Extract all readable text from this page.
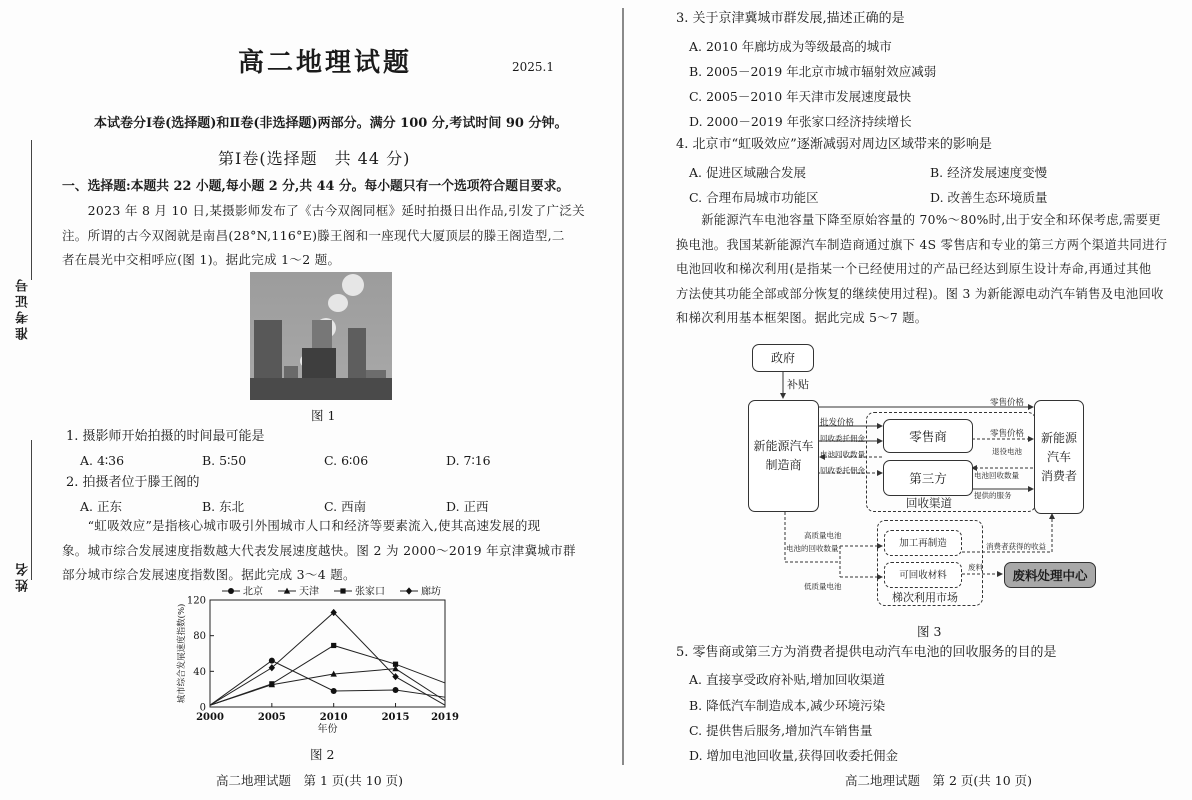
准考证号
姓名
高二地理试题	2025.1
本试卷分Ⅰ卷(选择题)和Ⅱ卷(非选择题)两部分。满分 100 分,考试时间 90 分钟。
第Ⅰ卷(选择题　共 44 分)
一、选择题:本题共 22 小题,每小题 2 分,共 44 分。每小题只有一个选项符合题目要求。
　　2023 年 8 月 10 日,某摄影师发布了《古今双阁同框》延时拍摄日出作品,引发了广泛关
注。所谓的古今双阁就是南昌(28°N,116°E)滕王阁和一座现代大厦顶层的滕王阁造型,二
者在晨光中交相呼应(图 1)。据此完成 1～2 题。
图 1
1. 摄影师开始拍摄的时间最可能是
A. 4∶36	B. 5∶50	C. 6∶06	D. 7∶16
2. 拍摄者位于滕王阁的
A. 正东	B. 东北	C. 西南	D. 正西
　　“虹吸效应”是指核心城市吸引外围城市人口和经济等要素流入,使其高速发展的现
象。城市综合发展速度指数越大代表发展速度越快。图 2 为 2000～2019 年京津冀城市群
部分城市综合发展速度指数图。据此完成 3～4 题。
0
40
80
120
2000	2005	2010	2015 2019
年份
城市综合发展速度指数(%)
北京	天津	张家口	廊坊
图 2
高二地理试题　第 1 页(共 10 页)
3. 关于京津冀城市群发展,描述正确的是
A. 2010 年廊坊成为等级最高的城市
B. 2005－2019 年北京市城市辐射效应减弱
C. 2005－2010 年天津市发展速度最快
D. 2000－2019 年张家口经济持续增长
4. 北京市“虹吸效应”逐渐减弱对周边区域带来的影响是
A. 促进区域融合发展	B. 经济发展速度变慢
C. 合理布局城市功能区	D. 改善生态环境质量
　　新能源汽车电池容量下降至原始容量的 70%～80%时,出于安全和环保考虑,需要更
换电池。我国某新能源汽车制造商通过旗下 4S 零售店和专业的第三方两个渠道共同进行
电池回收和梯次利用(是指某一个已经使用过的产品已经达到原生设计寿命,再通过其他
方法使其功能全部或部分恢复的继续使用过程)。图 3 为新能源电动汽车销售及电池回收
和梯次利用基本框架图。据此完成 5～7 题。
政府
补贴
新能源汽车
制造商
零售商
第三方
回收渠道
新能源
汽车
消费者
加工再制造
可回收材料
梯次利用市场
废料处理中心
零售价格
批发价格
回收委托佣金
电池回收数量
回收委托佣金
零售价格
退役电池
电池回收数量
提供的服务
高质量电池
电池的回收数量
低质量电池
消费者获得的收益
废料
图 3
5. 零售商或第三方为消费者提供电动汽车电池的回收服务的目的是
A. 直接享受政府补贴,增加回收渠道
B. 降低汽车制造成本,减少环境污染
C. 提供售后服务,增加汽车销售量
D. 增加电池回收量,获得回收委托佣金
高二地理试题　第 2 页(共 10 页)
